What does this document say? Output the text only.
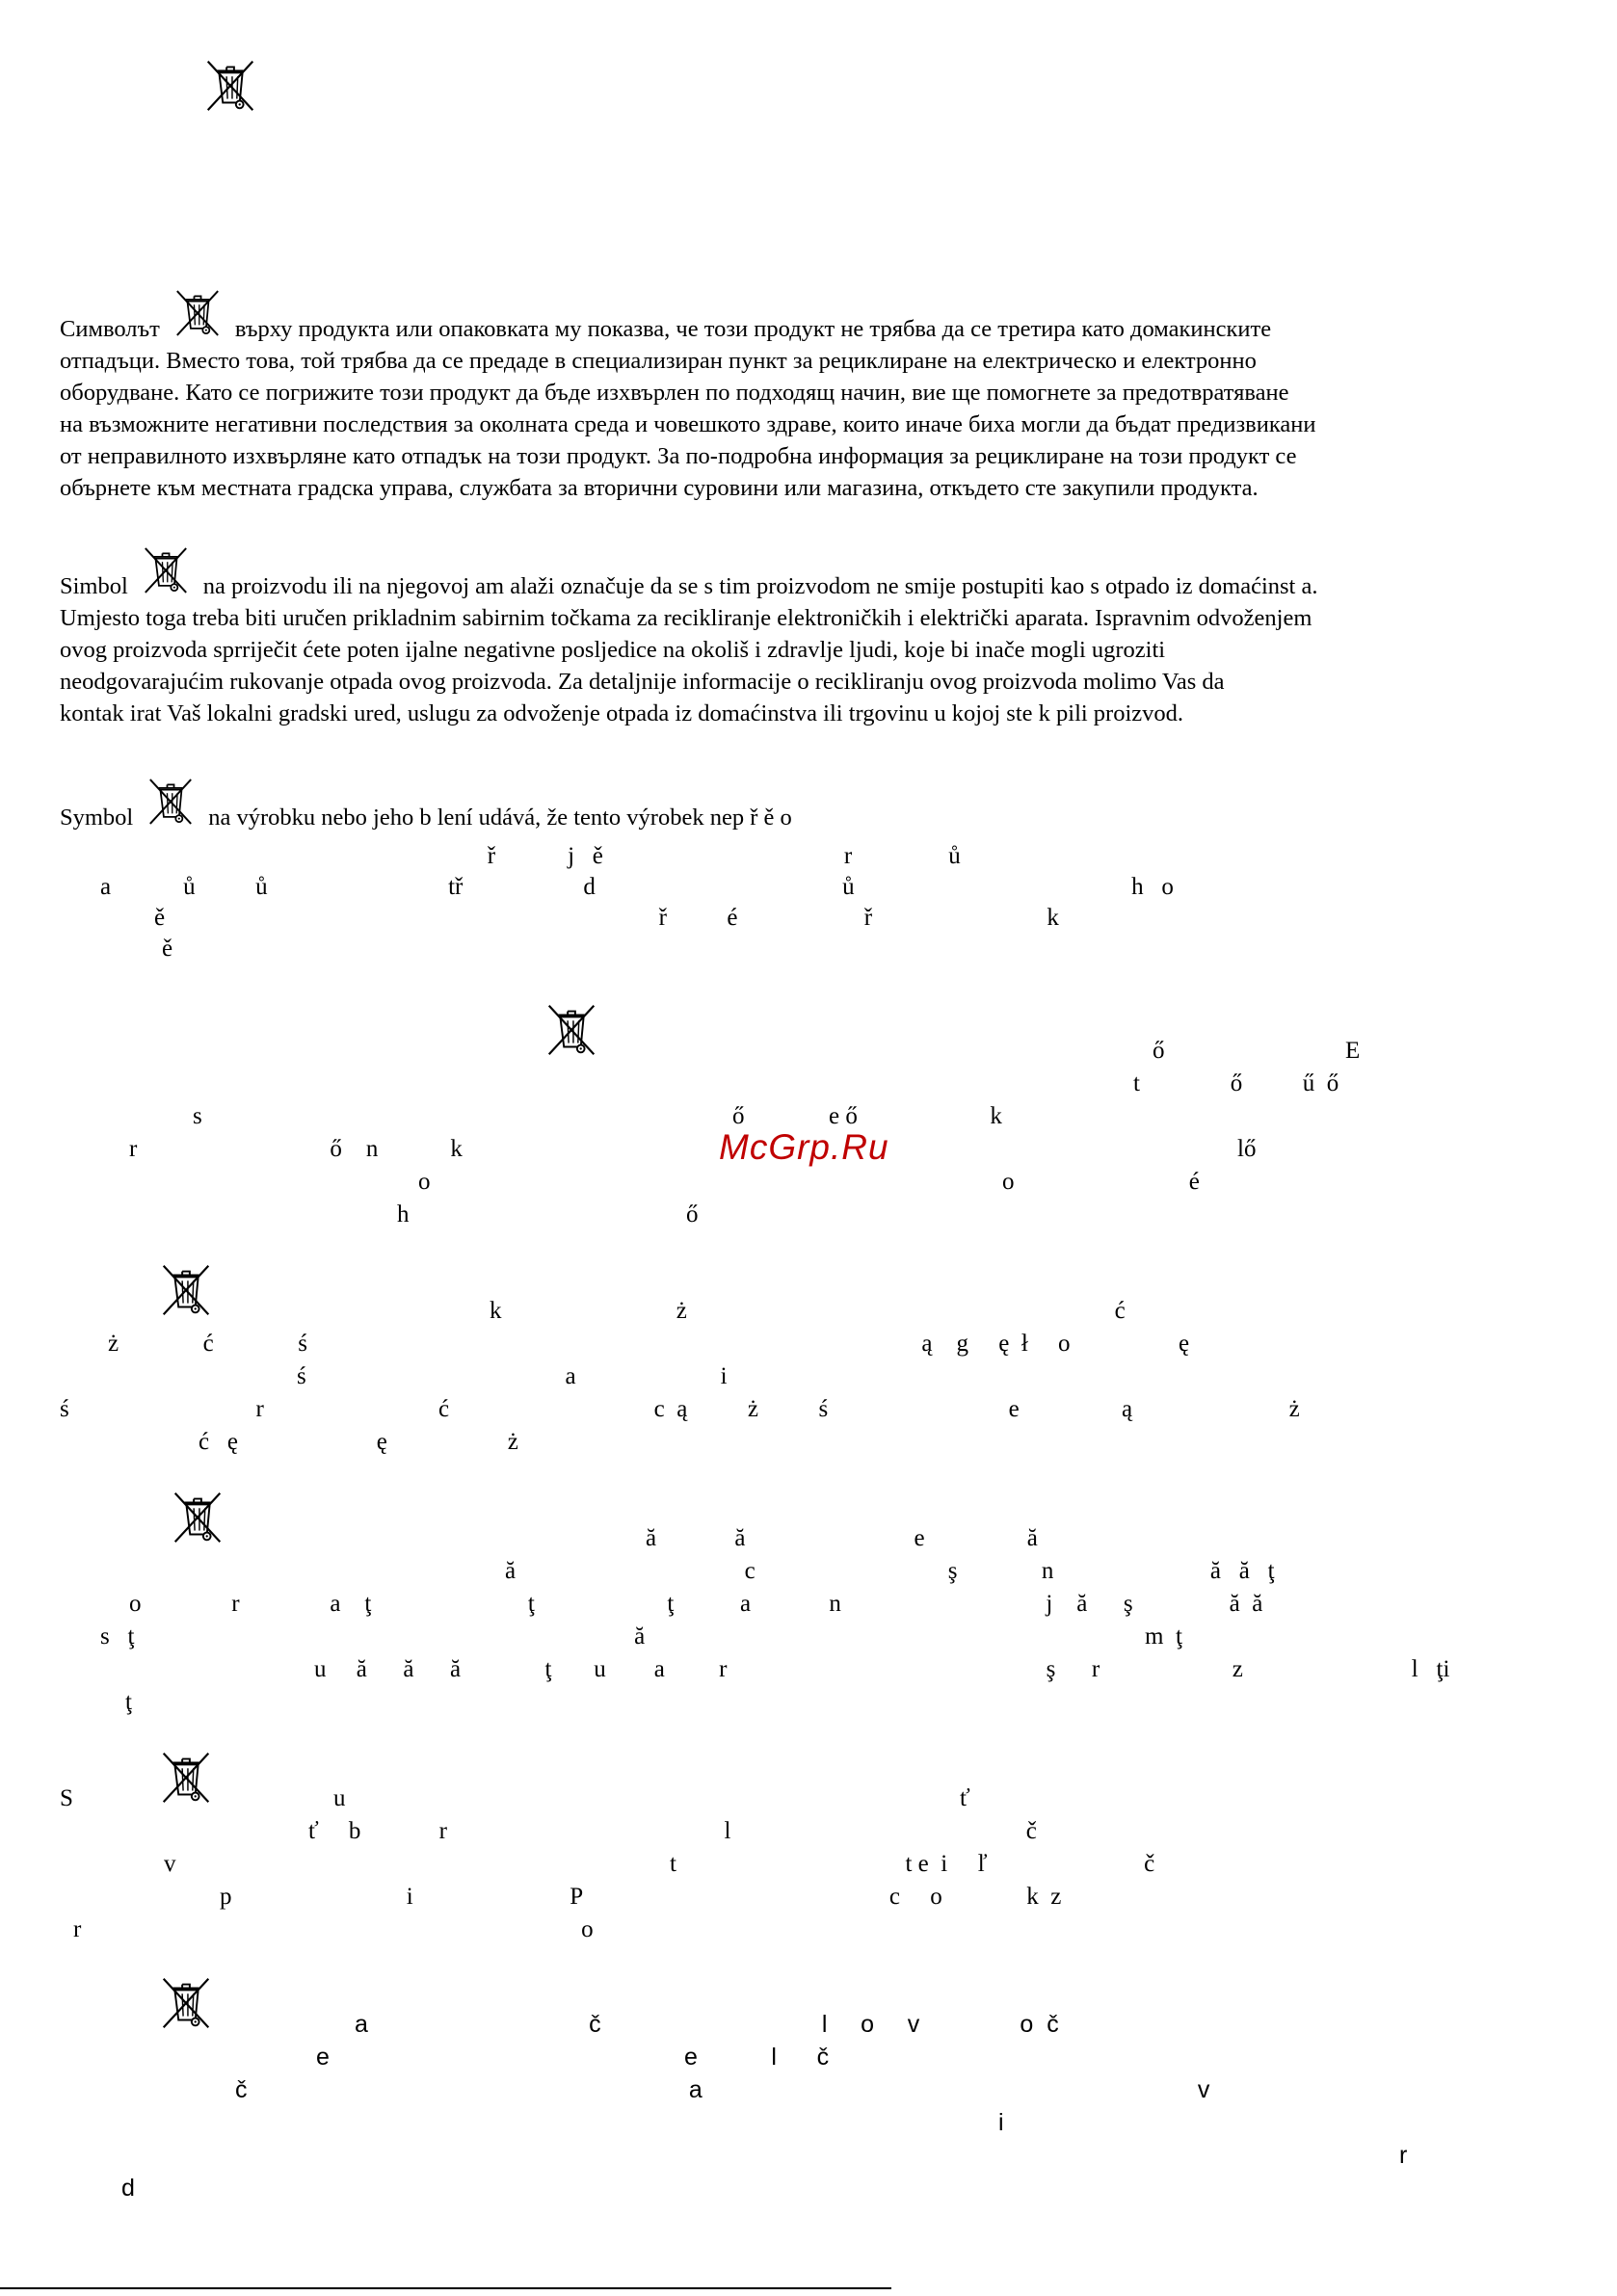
Символът	въpху продукта или опаковката му показва, че този продукт не трябва да се третира като домакинските
отпадъци. Вместо това, той трябва да се предаде в специализиран пункт за рециклиране на електрическо и електронно
оборудване. Като се погрижите този продукт да бъде изхвърлен по подходящ начин, вие ще помогнете за предотвратяване
на възможните негативни последствия за околната среда и човешкото здраве, които иначе биха могли да бъдат предизвикани
от неправилното изхвърляне като отпадък на този продукт. За по-подробна информация за рециклиране на този продукт се
обърнете към местната градска управа, службата за вторични суровини или магазина, откъдето сте закупили продукта.
Simbol	na proizvodu ili na njegovoj am alaži označuje da se s tim proizvodom ne smije postupiti kao s otpado iz domaćinst a.
Umjesto toga treba biti uručen prikladnim sabirnim točkama za recikliranje elektroničkih i električki aparata. Ispravnim odvoženjem
ovog proizvoda sprriječit ćete poten ijalne negativne posljedice na okoliš i zdravlje ljudi, koje bi inače mogli ugroziti
neodgovarajućim rukovanje otpada ovog proizvoda. Za detaljnije informacije o recikliranju ovog proizvoda molimo Vas da
kontak irat Vaš lokalni gradski ured, uslugu za odvoženje otpada iz domaćinstva ili trgovinu u kojoj ste k pili proizvod.
Symbol	na výrobku nebo jeho b lení udává, že tento výrobek nep ř ě o
ř            j   ě                                        r                ů
a            ů          ů                              tř                    d                                         ů                                              h   o
ě                                                                                  ř          é                     ř                             k
ě
ő                              E
t               ő          ű  ő
s	ő              e ő                      k
r                                ő    n            k	lő
o	o                             é
h	ő
McGrp.Ru
k                             ż                                                                       ć
ż              ć              ś                                                                                                      ą    g     ę  ł     o                  ę
ś                                           a                        i
ś                               r                             ć                                  c  ą          ż          ś                              e                 ą                          ż
ć   ę                       ę                    ż
ă             ă                            e                 ă
ă                                      c                                ş              n                          ă   ă   ţ
o               r               a    ţ                          ţ                      ţ           a             n                                  j    ă      ş                ă  ă
s   ţ                                                                                   ă                                                                                   m  ţ
u     ă      ă      ă              ţ       u        a         r                                                     ş      r                      z                            l   ţi
ţ
S	u                                                                                                      ť
ť     b             r                                              l                                                 č
v                                                                                  t                                      t e  i     ľ                          č
p                             i                          P                                                   c     o              k  z
r                                                                                   o
a                                 č                                 l     o     v               o  č
e                                                     e           l      č
č                                                                  a                                                                          v
i
r
d
